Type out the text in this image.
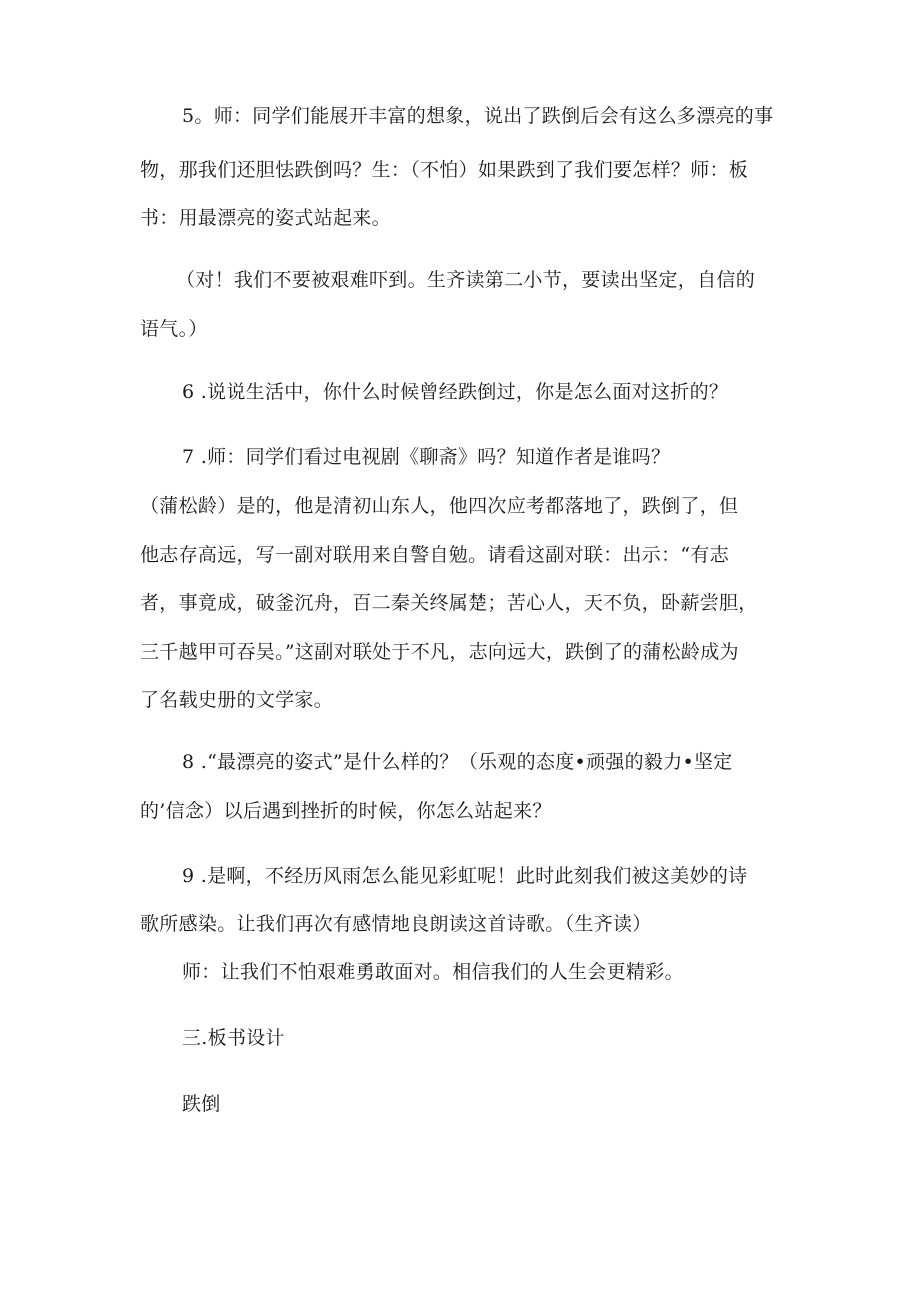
5。师：同学们能展开丰富的想象，说出了跌倒后会有这么多漂亮的事
物，那我们还胆怯跌倒吗？生：（不怕）如果跌到了我们要怎样？师：板
书：用最漂亮的姿式站起来。
（对！我们不要被艰难吓到。生齐读第二小节，要读出坚定，自信的
语气。）
6 .说说生活中，你什么时候曾经跌倒过，你是怎么面对这折的？
7 .师：同学们看过电视剧《聊斋》吗？知道作者是谁吗？
（蒲松龄）是的，他是清初山东人，他四次应考都落地了，跌倒了，但
他志存高远，写一副对联用来自警自勉。请看这副对联：出示：“有志
者，事竟成，破釜沉舟，百二秦关终属楚；苦心人，天不负，卧薪尝胆，
三千越甲可吞吴。”这副对联处于不凡，志向远大，跌倒了的蒲松龄成为
了名载史册的文学家。
8 .“最漂亮的姿式”是什么样的？（乐观的态度•顽强的毅力•坚定
的’信念）以后遇到挫折的时候，你怎么站起来？
9 .是啊，不经历风雨怎么能见彩虹呢！此时此刻我们被这美妙的诗
歌所感染。让我们再次有感情地良朗读这首诗歌。（生齐读）
师：让我们不怕艰难勇敢面对。相信我们的人生会更精彩。
三.板书设计
跌倒
